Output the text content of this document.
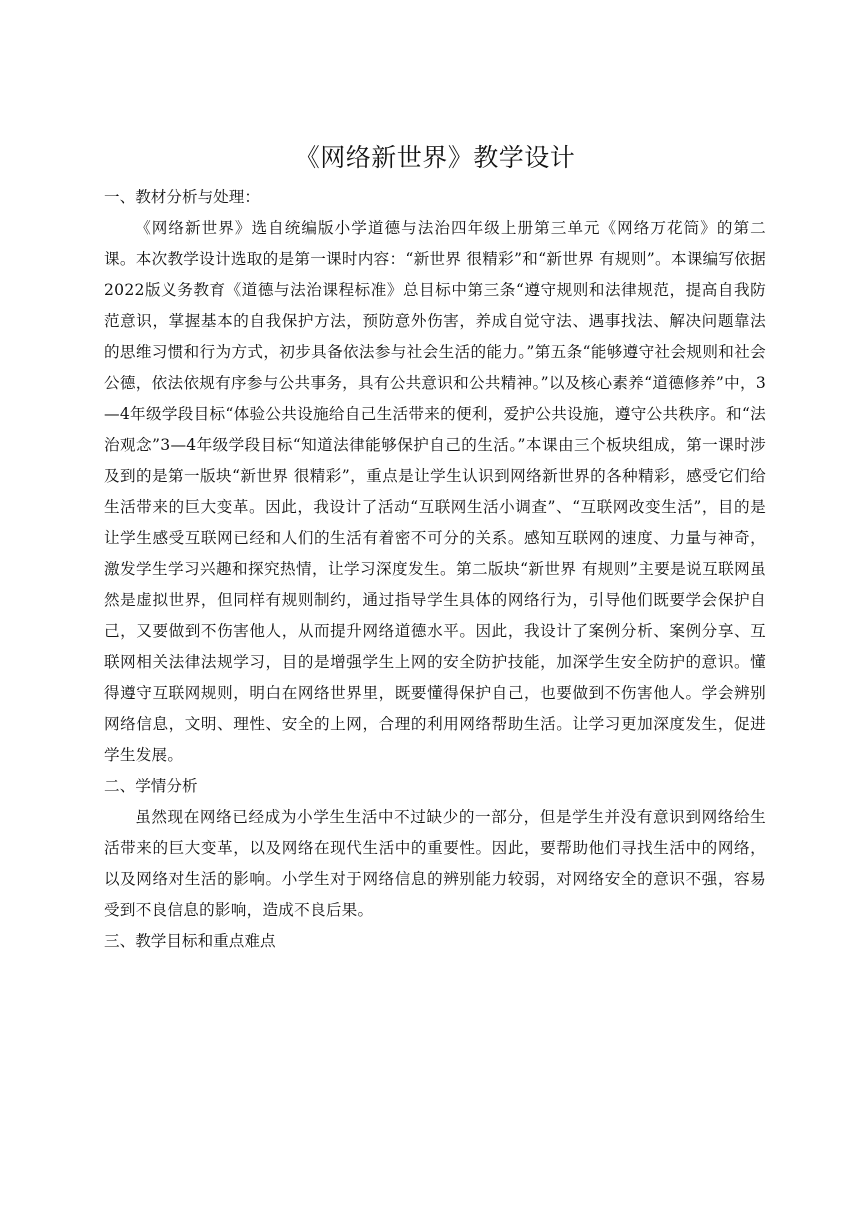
《网络新世界》教学设计
一、教材分析与处理：

《网络新世界》选自统编版小学道德与法治四年级上册第三单元《网络万花筒》的第二课。本次教学设计选取的是第一课时内容：“新世界 很精彩”和“新世界 有规则”。本课编写依据2022版义务教育《道德与法治课程标准》总目标中第三条“遵守规则和法律规范，提高自我防范意识，掌握基本的自我保护方法，预防意外伤害，养成自觉守法、遇事找法、解决问题靠法的思维习惯和行为方式，初步具备依法参与社会生活的能力。”第五条“能够遵守社会规则和社会公德，依法依规有序参与公共事务，具有公共意识和公共精神。”以及核心素养“道德修养”中，3—4年级学段目标“体验公共设施给自己生活带来的便利，爱护公共设施，遵守公共秩序。和“法治观念”3—4年级学段目标“知道法律能够保护自己的生活。”本课由三个板块组成，第一课时涉及到的是第一版块“新世界 很精彩”，重点是让学生认识到网络新世界的各种精彩，感受它们给生活带来的巨大变革。因此，我设计了活动“互联网生活小调查”、“互联网改变生活”，目的是让学生感受互联网已经和人们的生活有着密不可分的关系。感知互联网的速度、力量与神奇，激发学生学习兴趣和探究热情，让学习深度发生。第二版块“新世界 有规则”主要是说互联网虽然是虚拟世界，但同样有规则制约，通过指导学生具体的网络行为，引导他们既要学会保护自己，又要做到不伤害他人，从而提升网络道德水平。因此，我设计了案例分析、案例分享、互联网相关法律法规学习，目的是增强学生上网的安全防护技能，加深学生安全防护的意识。懂得遵守互联网规则，明白在网络世界里，既要懂得保护自己，也要做到不伤害他人。学会辨别网络信息，文明、理性、安全的上网，合理的利用网络帮助生活。让学习更加深度发生，促进学生发展。

二、学情分析

虽然现在网络已经成为小学生生活中不过缺少的一部分，但是学生并没有意识到网络给生活带来的巨大变革，以及网络在现代生活中的重要性。因此，要帮助他们寻找生活中的网络，以及网络对生活的影响。小学生对于网络信息的辨别能力较弱，对网络安全的意识不强，容易受到不良信息的影响，造成不良后果。

三、教学目标和重点难点
